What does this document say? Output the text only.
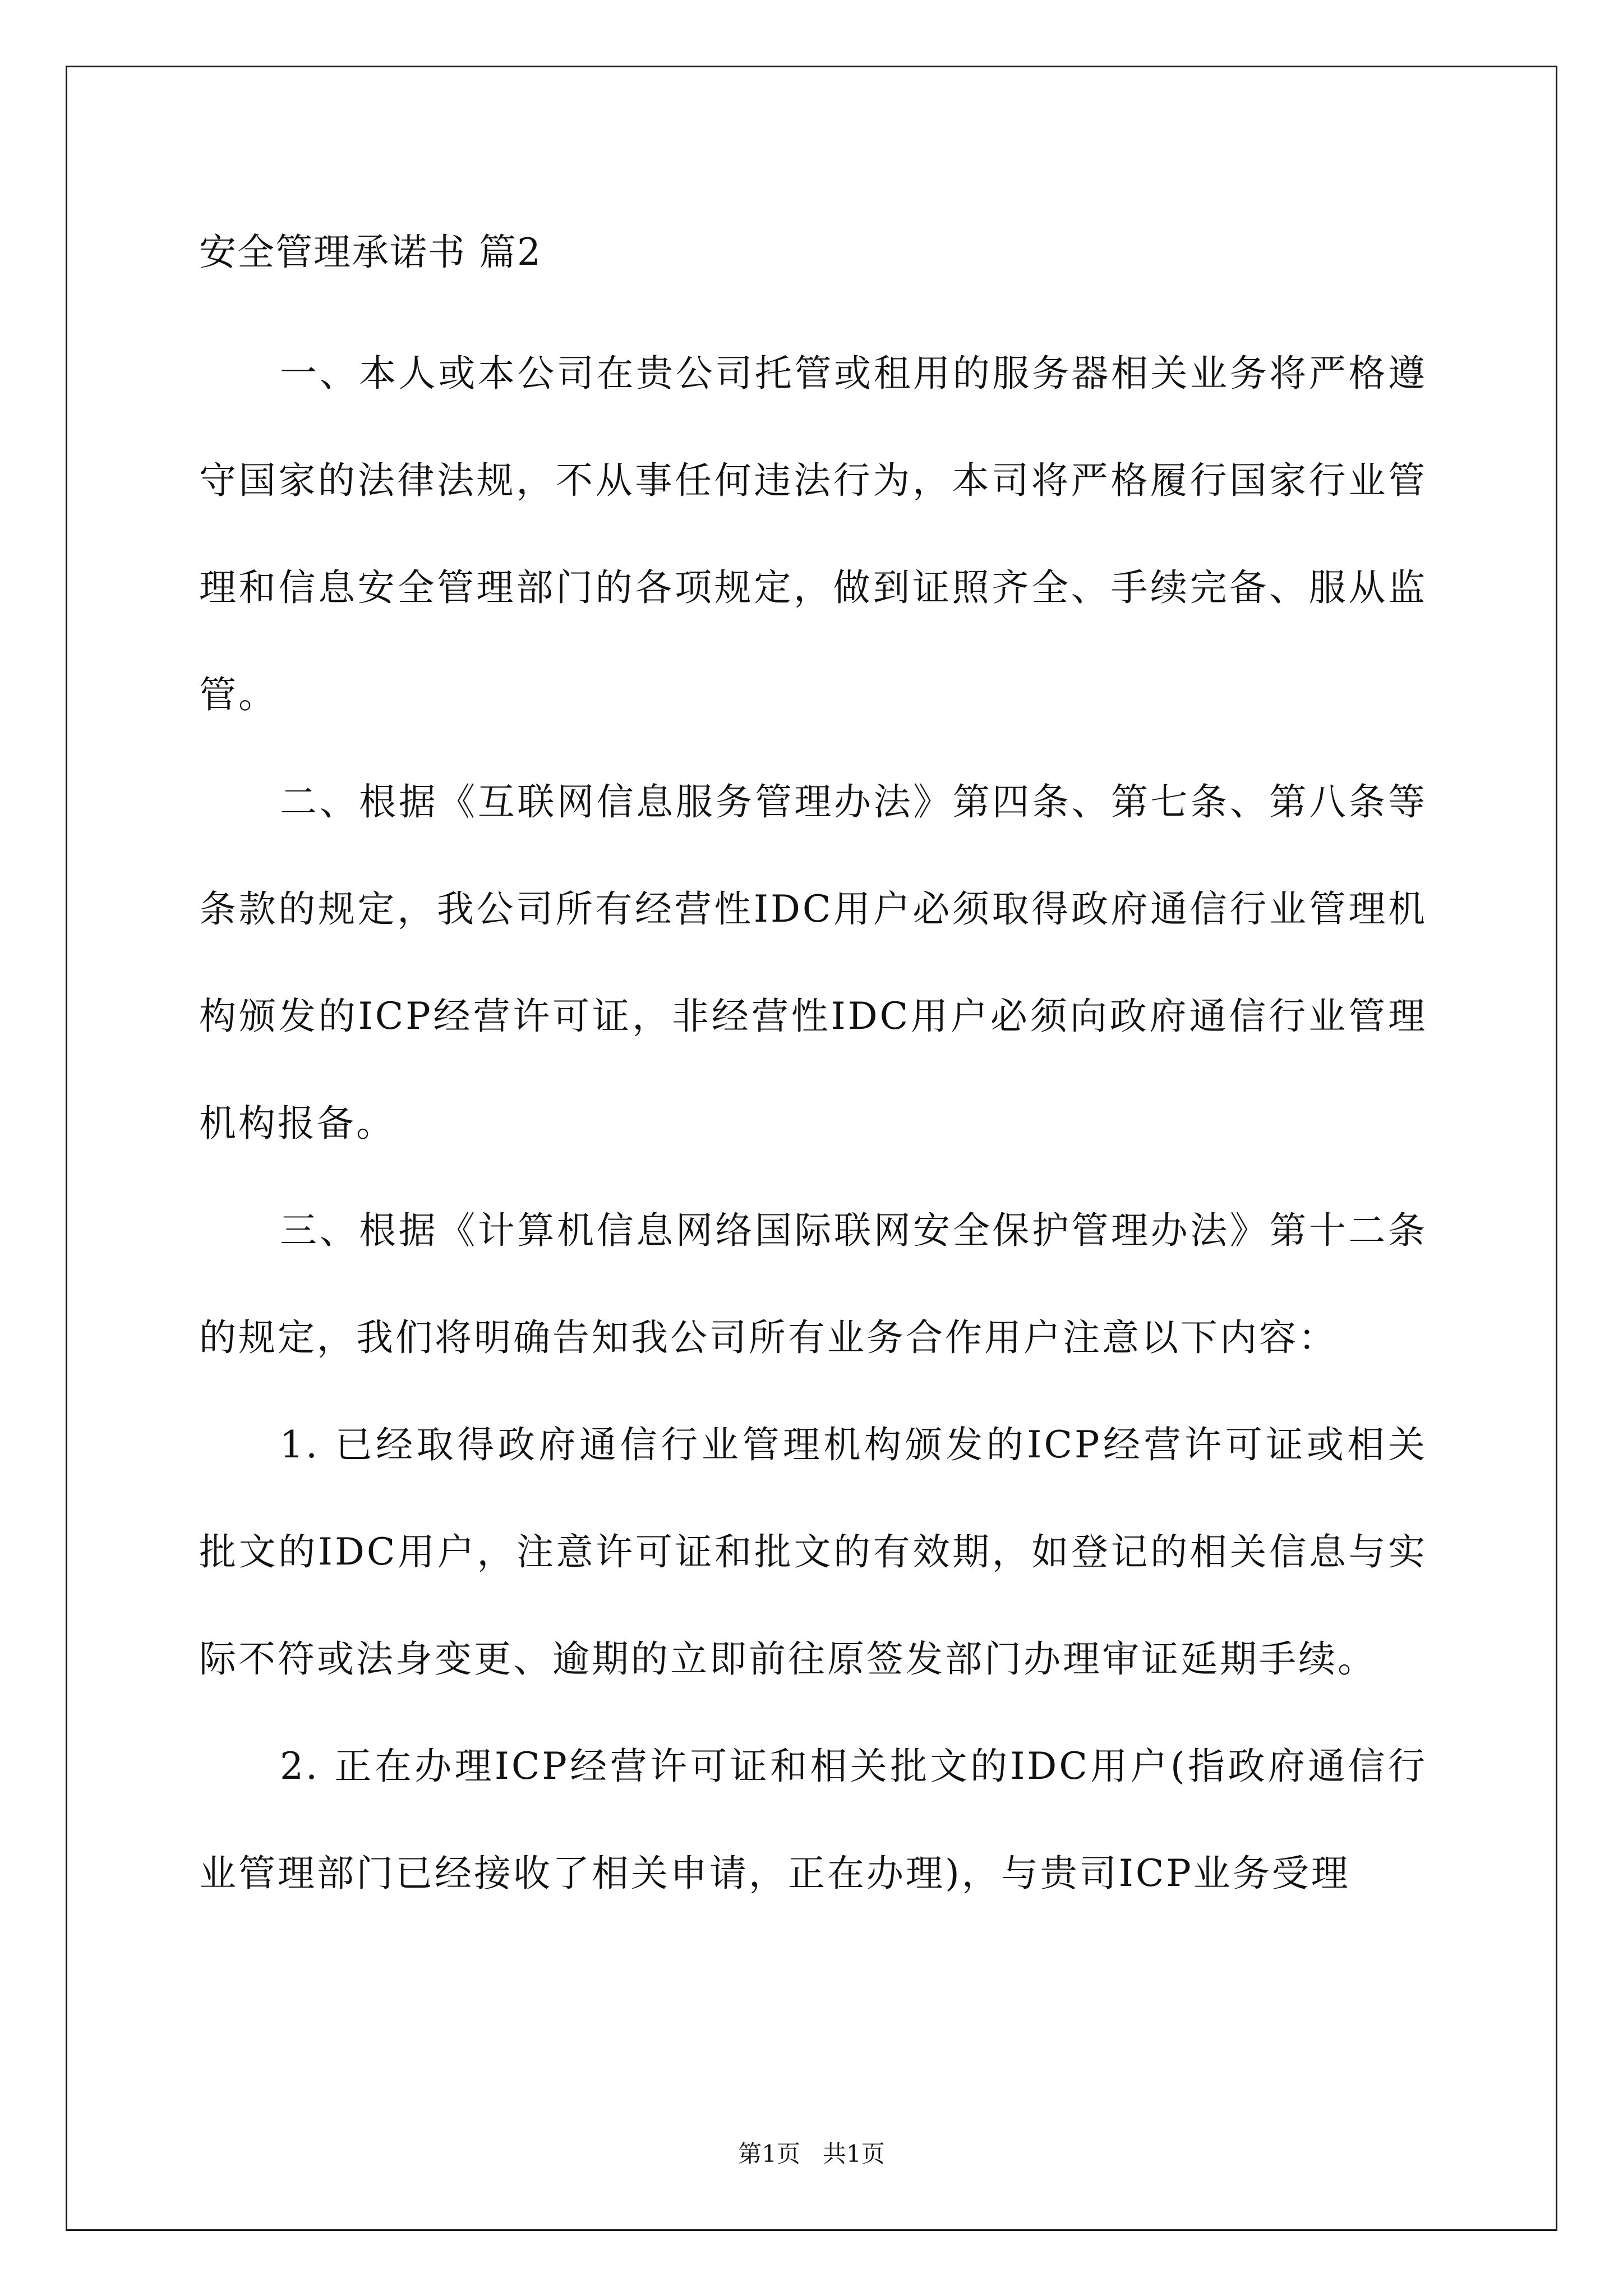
安全管理承诺书 篇2

一、本人或本公司在贵公司托管或租用的服务器相关业务将严格遵守国家的法律法规，不从事任何违法行为，本司将严格履行国家行业管理和信息安全管理部门的各项规定，做到证照齐全、手续完备、服从监管。

二、根据《互联网信息服务管理办法》第四条、第七条、第八条等条款的规定，我公司所有经营性IDC用户必须取得政府通信行业管理机构颁发的ICP经营许可证，非经营性IDC用户必须向政府通信行业管理机构报备。

三、根据《计算机信息网络国际联网安全保护管理办法》第十二条的规定，我们将明确告知我公司所有业务合作用户注意以下内容：

1. 已经取得政府通信行业管理机构颁发的ICP经营许可证或相关批文的IDC用户，注意许可证和批文的有效期，如登记的相关信息与实际不符或法身变更、逾期的立即前往原签发部门办理审证延期手续。

2. 正在办理ICP经营许可证和相关批文的IDC用户(指政府通信行业管理部门已经接收了相关申请，正在办理)，与贵司ICP业务受理

第1页   共1页
